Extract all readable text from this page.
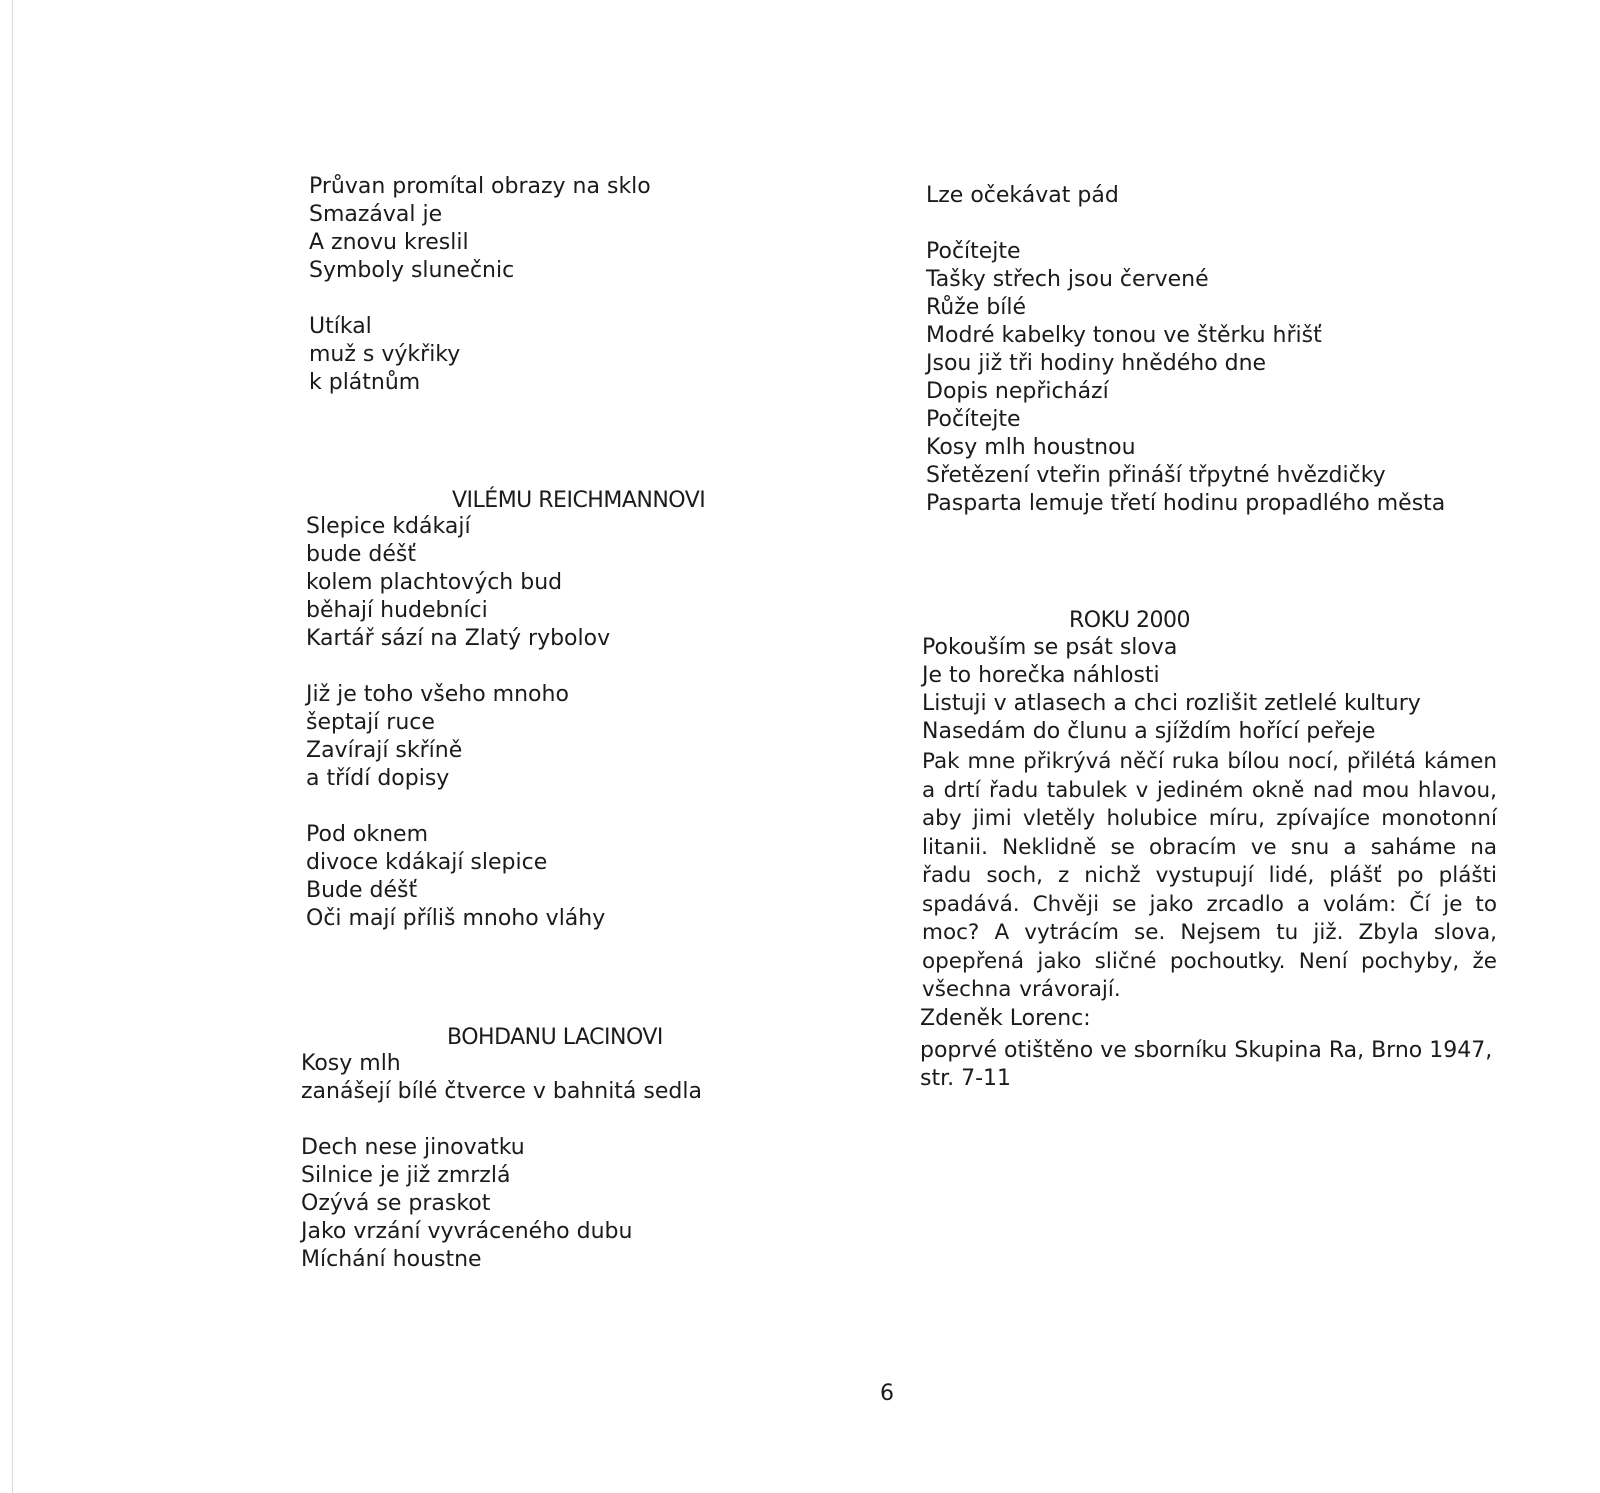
Průvan promítal obrazy na sklo
Smazával je
A znovu kreslil
Symboly slunečnic
Utíkal
muž s výkřiky
k plátnům
VILÉMU REICHMANNOVI
Slepice kdákají
bude déšť
kolem plachtových bud
běhají hudebníci
Kartář sází na Zlatý rybolov
Již je toho všeho mnoho
šeptají ruce
Zavírají skříně
a třídí dopisy
Pod oknem
divoce kdákají slepice
Bude déšť
Oči mají příliš mnoho vláhy
BOHDANU LACINOVI
Kosy mlh
zanášejí bílé čtverce v bahnitá sedla
Dech nese jinovatku
Silnice je již zmrzlá
Ozývá se praskot
Jako vrzání vyvráceného dubu
Míchání houstne
Lze očekávat pád
Počítejte
Tašky střech jsou červené
Růže bílé
Modré kabelky tonou ve štěrku hřišť
Jsou již tři hodiny hnědého dne
Dopis nepřichází
Počítejte
Kosy mlh houstnou
Sřetězení vteřin přináší třpytné hvězdičky
Pasparta lemuje třetí hodinu propadlého města
ROKU 2000
Pokouším se psát slova
Je to horečka náhlosti
Listuji v atlasech a chci rozlišit zetlelé kultury
Nasedám do člunu a sjíždím hořící peřeje

Pak mne přikrývá něčí ruka bílou nocí, přilétá kámen a drtí řadu tabulek v jediném okně nad mou hlavou, aby jimi vletěly holubice míru, zpívajíce monotonní litanii. Neklidně se obracím ve snu a saháme na řadu soch, z nichž vystupují lidé, plášť po plášti spadává. Chvěji se jako zrcadlo a volám: Čí je to moc? A vytrácím se. Nejsem tu již. Zbyla slova, opepřená jako sličné pochoutky. Není pochyby, že všechna vrávorají.

Zdeněk Lorenc:
poprvé otištěno ve sborníku Skupina Ra, Brno 1947,
str. 7-11
6
